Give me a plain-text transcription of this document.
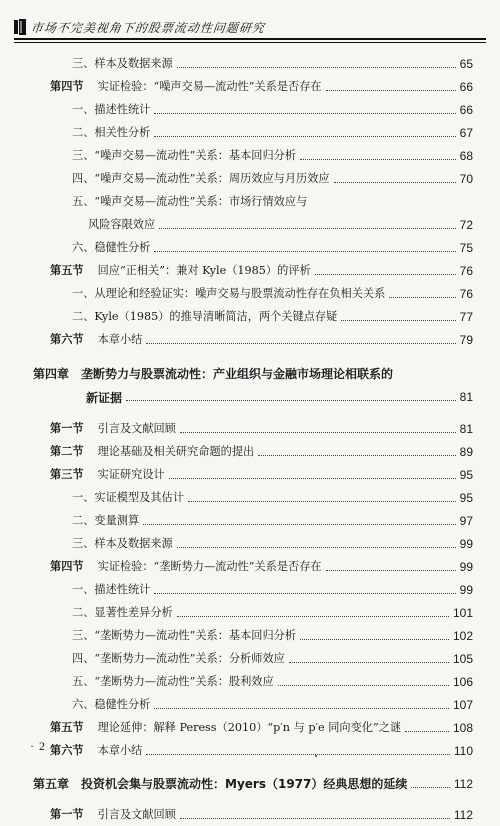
市场不完美视角下的股票流动性问题研究
三、样本及数据来源	65
第四节 实证检验：“噪声交易—流动性”关系是否存在	66
一、描述性统计	66
二、相关性分析	67
三、“噪声交易—流动性”关系：基本回归分析	68
四、“噪声交易—流动性”关系：周历效应与月历效应	70
五、“噪声交易—流动性”关系：市场行情效应与
风险容限效应	72
六、稳健性分析	75
第五节 回应“正相关”：兼对 Kyle（1985）的评析	76
一、从理论和经验证实：噪声交易与股票流动性存在负相关关系	76
二、Kyle（1985）的推导清晰简洁，两个关键点存疑	77
第六节 本章小结	79
第四章 垄断势力与股票流动性：产业组织与金融市场理论相联系的
新证据	81
第一节 引言及文献回顾	81
第二节 理论基础及相关研究命题的提出	89
第三节 实证研究设计	95
一、实证模型及其估计	95
二、变量测算	97
三、样本及数据来源	99
第四节 实证检验：“垄断势力—流动性”关系是否存在	99
一、描述性统计	99
二、显著性差异分析	101
三、“垄断势力—流动性”关系：基本回归分析	102
四、“垄断势力—流动性”关系：分析师效应	105
五、“垄断势力—流动性”关系：股利效应	106
六、稳健性分析	107
第五节 理论延伸：解释 Peress（2010）“p′n 与 p′e 同向变化”之谜	108
第六节 本章小结	110
第五章 投资机会集与股票流动性：Myers（1977）经典思想的延续	112
第一节 引言及文献回顾	112
· 2 ·
